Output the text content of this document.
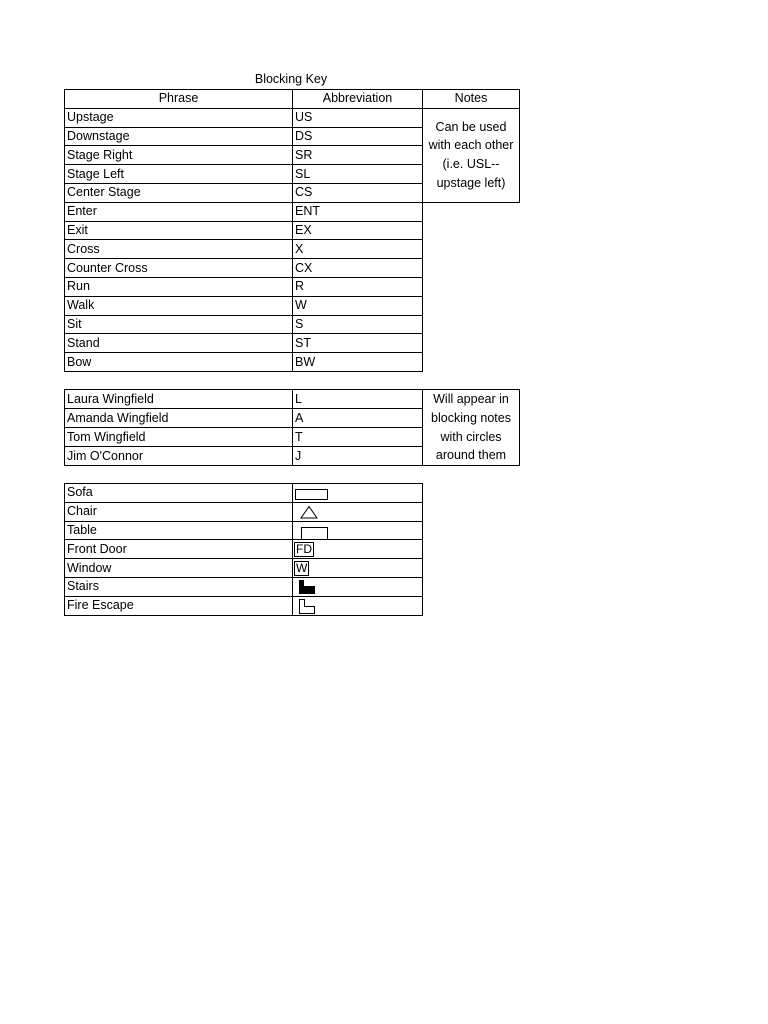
Blocking Key
Phrase	Abbreviation	Notes
Upstage	US	Can be used with each other (i.e. USL-- upstage left)
Downstage	DS	
Stage Right	SR	
Stage Left	SL	
Center Stage	CS	
Enter	ENT	
Exit	EX	
Cross	X	
Counter Cross	CX	
Run	R	
Walk	W	
Sit	S	
Stand	ST	
Bow	BW	
Laura Wingfield	L	Will appear in blocking notes with circles around them
Amanda Wingfield	A	
Tom Wingfield	T	
Jim O'Connor	J	
Sofa	

Chair	

Table	

Front Door	FD
Window	W
Stairs	

Fire Escape	
